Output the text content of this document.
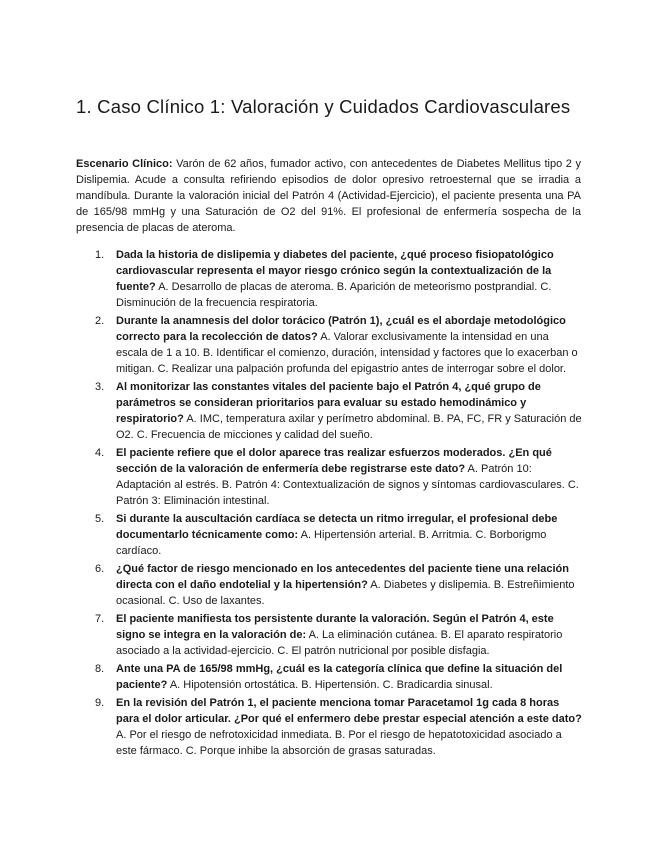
1. Caso Clínico 1: Valoración y Cuidados Cardiovasculares

Escenario Clínico: Varón de 62 años, fumador activo, con antecedentes de Diabetes Mellitus tipo 2 y Dislipemia. Acude a consulta refiriendo episodios de dolor opresivo retroesternal que se irradia a mandíbula. Durante la valoración inicial del Patrón 4 (Actividad-Ejercicio), el paciente presenta una PA de 165/98 mmHg y una Saturación de O2 del 91%. El profesional de enfermería sospecha de la presencia de placas de ateroma.

1.	Dada la historia de dislipemia y diabetes del paciente, ¿qué proceso fisiopatológico cardiovascular representa el mayor riesgo crónico según la contextualización de la fuente? A. Desarrollo de placas de ateroma. B. Aparición de meteorismo postprandial. C. Disminución de la frecuencia respiratoria.
2.	Durante la anamnesis del dolor torácico (Patrón 1), ¿cuál es el abordaje metodológico correcto para la recolección de datos? A. Valorar exclusivamente la intensidad en una escala de 1 a 10. B. Identificar el comienzo, duración, intensidad y factores que lo exacerban o mitigan. C. Realizar una palpación profunda del epigastrio antes de interrogar sobre el dolor.
3.	Al monitorizar las constantes vitales del paciente bajo el Patrón 4, ¿qué grupo de parámetros se consideran prioritarios para evaluar su estado hemodinámico y respiratorio? A. IMC, temperatura axilar y perímetro abdominal. B. PA, FC, FR y Saturación de O2. C. Frecuencia de micciones y calidad del sueño.
4.	El paciente refiere que el dolor aparece tras realizar esfuerzos moderados. ¿En qué sección de la valoración de enfermería debe registrarse este dato? A. Patrón 10: Adaptación al estrés. B. Patrón 4: Contextualización de signos y síntomas cardiovasculares. C. Patrón 3: Eliminación intestinal.
5.	Si durante la auscultación cardíaca se detecta un ritmo irregular, el profesional debe documentarlo técnicamente como: A. Hipertensión arterial. B. Arritmia. C. Borborigmo cardíaco.
6.	¿Qué factor de riesgo mencionado en los antecedentes del paciente tiene una relación directa con el daño endotelial y la hipertensión? A. Diabetes y dislipemia. B. Estreñimiento ocasional. C. Uso de laxantes.
7.	El paciente manifiesta tos persistente durante la valoración. Según el Patrón 4, este signo se integra en la valoración de: A. La eliminación cutánea. B. El aparato respiratorio asociado a la actividad-ejercicio. C. El patrón nutricional por posible disfagia.
8.	Ante una PA de 165/98 mmHg, ¿cuál es la categoría clínica que define la situación del paciente? A. Hipotensión ortostática. B. Hipertensión. C. Bradicardia sinusal.
9.	En la revisión del Patrón 1, el paciente menciona tomar Paracetamol 1g cada 8 horas para el dolor articular. ¿Por qué el enfermero debe prestar especial atención a este dato? A. Por el riesgo de nefrotoxicidad inmediata. B. Por el riesgo de hepatotoxicidad asociado a este fármaco. C. Porque inhibe la absorción de grasas saturadas.
